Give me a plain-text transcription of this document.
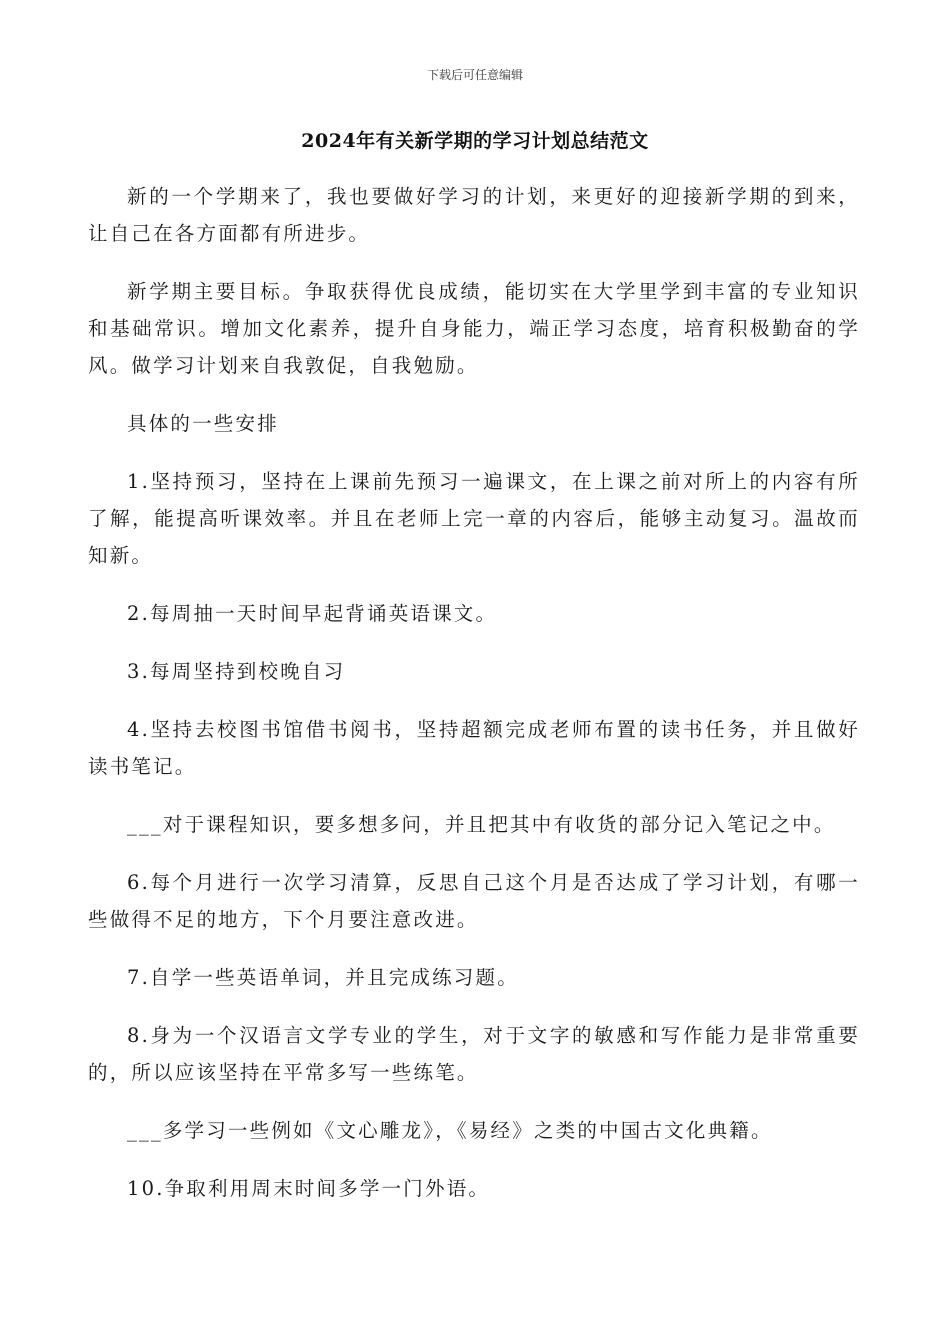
下载后可任意编辑
2024年有关新学期的学习计划总结范文

新的一个学期来了，我也要做好学习的计划，来更好的迎接新学期的到来，让自己在各方面都有所进步。

新学期主要目标。争取获得优良成绩，能切实在大学里学到丰富的专业知识和基础常识。增加文化素养，提升自身能力，端正学习态度，培育积极勤奋的学风。做学习计划来自我敦促，自我勉励。

具体的一些安排

1.坚持预习，坚持在上课前先预习一遍课文，在上课之前对所上的内容有所了解，能提高听课效率。并且在老师上完一章的内容后，能够主动复习。温故而知新。

2.每周抽一天时间早起背诵英语课文。

3.每周坚持到校晚自习

4.坚持去校图书馆借书阅书，坚持超额完成老师布置的读书任务，并且做好读书笔记。

___对于课程知识，要多想多问，并且把其中有收货的部分记入笔记之中。

6.每个月进行一次学习清算，反思自己这个月是否达成了学习计划，有哪一些做得不足的地方，下个月要注意改进。

7.自学一些英语单词，并且完成练习题。

8.身为一个汉语言文学专业的学生，对于文字的敏感和写作能力是非常重要的，所以应该坚持在平常多写一些练笔。

___多学习一些例如《文心雕龙》，《易经》之类的中国古文化典籍。

10.争取利用周末时间多学一门外语。
